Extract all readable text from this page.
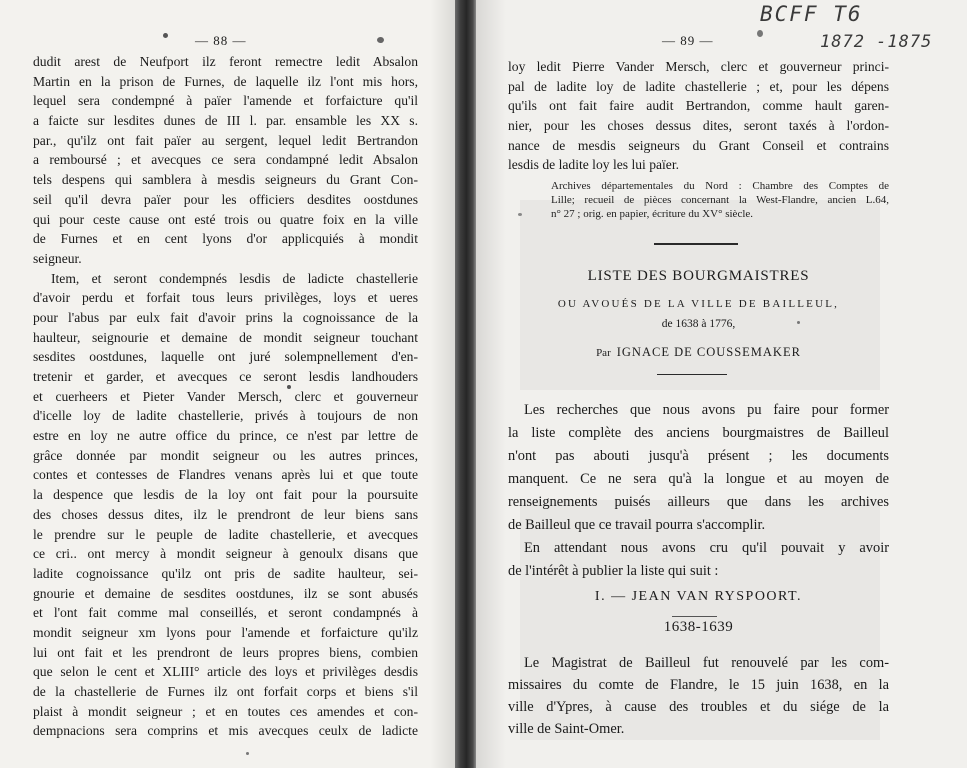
BCFF T6
1872 -1875
— 88 —
dudit arest de Neufport ilz feront remectre ledit Absalon
Martin en la prison de Furnes, de laquelle ilz l'ont mis hors,
lequel sera condempné à païer l'amende et forfaicture qu'il
a faicte sur lesdites dunes de III l. par. ensamble les XX s.
par., qu'ilz ont fait païer au sergent, lequel ledit Bertrandon
a remboursé ; et avecques ce sera condampné ledit Absalon
tels despens qui samblera à mesdis seigneurs du Grant Con-
seil qu'il devra païer pour les officiers desdites oostdunes
qui pour ceste cause ont esté trois ou quatre foix en la ville
de Furnes et en cent lyons d'or applicquiés à mondit
seigneur.
Item, et seront condempnés lesdis de ladicte chastellerie
d'avoir perdu et forfait tous leurs privilèges, loys et ueres
pour l'abus par eulx fait d'avoir prins la cognoissance de la
haulteur, seignourie et demaine de mondit seigneur touchant
sesdites oostdunes, laquelle ont juré solempnellement d'en-
tretenir et garder, et avecques ce seront lesdis landhouders
et cuerheers et Pieter Vander Mersch, clerc et gouverneur
d'icelle loy de ladite chastellerie, privés à toujours de non
estre en loy ne autre office du prince, ce n'est par lettre de
grâce donnée par mondit seigneur ou les autres princes,
contes et contesses de Flandres venans après lui et que toute
la despence que lesdis de la loy ont fait pour la poursuite
des choses dessus dites, ilz le prendront de leur biens sans
le prendre sur le peuple de ladite chastellerie, et avecques
ce cri.. ont mercy à mondit seigneur à genoulx disans que
ladite cognoissance qu'ilz ont pris de sadite haulteur, sei-
gnourie et demaine de sesdites oostdunes, ilz se sont abusés
et l'ont fait comme mal conseillés, et seront condampnés à
mondit seigneur xm lyons pour l'amende et forfaicture qu'ilz
lui ont fait et les prendront de leurs propres biens, combien
que selon le cent et XLIII° article des loys et privilèges desdis
de la chastellerie de Furnes ilz ont forfait corps et biens s'il
plaist à mondit seigneur ; et en toutes ces amendes et con-
dempnacions sera comprins et mis avecques ceulx de ladicte
— 89 —
loy ledit Pierre Vander Mersch, clerc et gouverneur princi-
pal de ladite loy de ladite chastellerie ; et, pour les dépens
qu'ils ont fait faire audit Bertrandon, comme hault garen-
nier, pour les choses dessus dites, seront taxés à l'ordon-
nance de mesdis seigneurs du Grant Conseil et contrains
lesdis de ladite loy les lui païer.
Archives départementales du Nord : Chambre des Comptes de
Lille; recueil de pièces concernant la West-Flandre, ancien L.64,
n° 27 ; orig. en papier, écriture du XV° siècle.
LISTE DES BOURGMAISTRES
OU AVOUÉS DE LA VILLE DE BAILLEUL,
de 1638 à 1776,
Par IGNACE DE COUSSEMAKER
Les recherches que nous avons pu faire pour former
la liste complète des anciens bourgmaistres de Bailleul
n'ont pas abouti jusqu'à présent ; les documents
manquent. Ce ne sera qu'à la longue et au moyen de
renseignements puisés ailleurs que dans les archives
de Bailleul que ce travail pourra s'accomplir.
En attendant nous avons cru qu'il pouvait y avoir
de l'intérêt à publier la liste qui suit :
I. — JEAN VAN RYSPOORT.
1638-1639
Le Magistrat de Bailleul fut renouvelé par les com-
missaires du comte de Flandre, le 15 juin 1638, en la
ville d'Ypres, à cause des troubles et du siége de la
ville de Saint-Omer.
